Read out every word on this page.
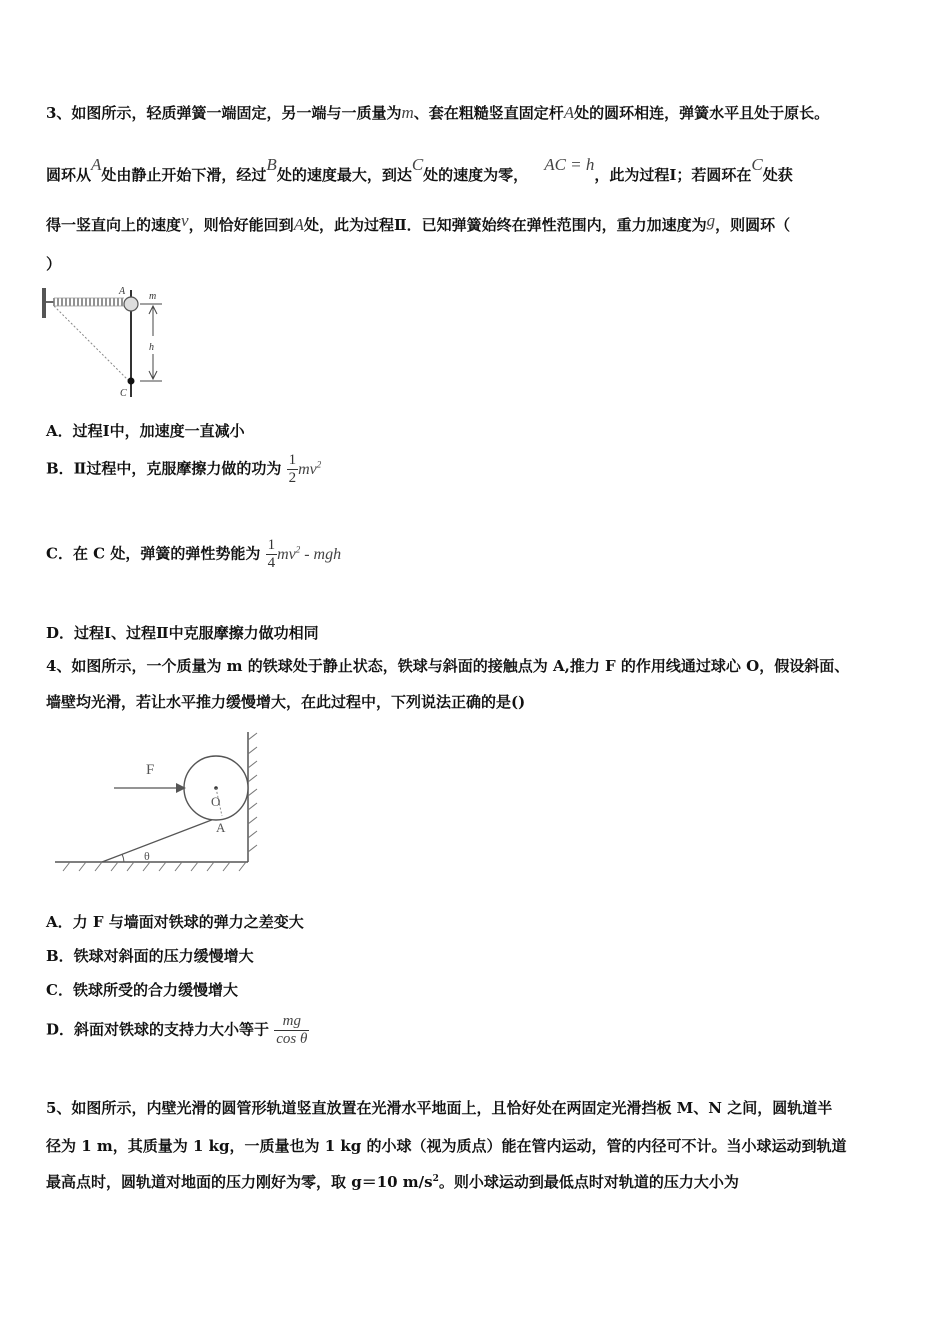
3、如图所示，轻质弹簧一端固定，另一端与一质量为m、套在粗糙竖直固定杆A处的圆环相连，弹簧水平且处于原长。
圆环从A处由静止开始下滑，经过B处的速度最大，到达C处的速度为零，AC = h，此为过程Ⅰ；若圆环在C处获
得一竖直向上的速度v，则恰好能回到A处，此为过程Ⅱ．已知弹簧始终在弹性范围内，重力加速度为g，则圆环（
）
A m
h
C
A．过程Ⅰ中，加速度一直减小
B．Ⅱ过程中，克服摩擦力做的功为 $\frac{1}{2} mv^2$
C．在 C 处，弹簧的弹性势能为 $\frac{1}{4} mv^2$ - mgh
D．过程Ⅰ、过程Ⅱ中克服摩擦力做功相同
4、如图所示，一个质量为 m 的铁球处于静止状态，铁球与斜面的接触点为 A,推力 F 的作用线通过球心 O，假设斜面、
墙壁均光滑，若让水平推力缓慢增大，在此过程中，下列说法正确的是()
F
O
A
θ
A．力 F 与墙面对铁球的弹力之差变大
B．铁球对斜面的压力缓慢增大
C．铁球所受的合力缓慢增大
D．斜面对铁球的支持力大小等于 $\frac{mg}{\text{cos θ}}$
5、如图所示，内壁光滑的圆管形轨道竖直放置在光滑水平地面上，且恰好处在两固定光滑挡板 M、N 之间，圆轨道半
径为 1 m，其质量为 1 kg，一质量也为 1 kg 的小球（视为质点）能在管内运动，管的内径可不计。当小球运动到轨道
最高点时，圆轨道对地面的压力刚好为零，取 g＝10 $m/s^2$。则小球运动到最低点时对轨道的压力大小为
